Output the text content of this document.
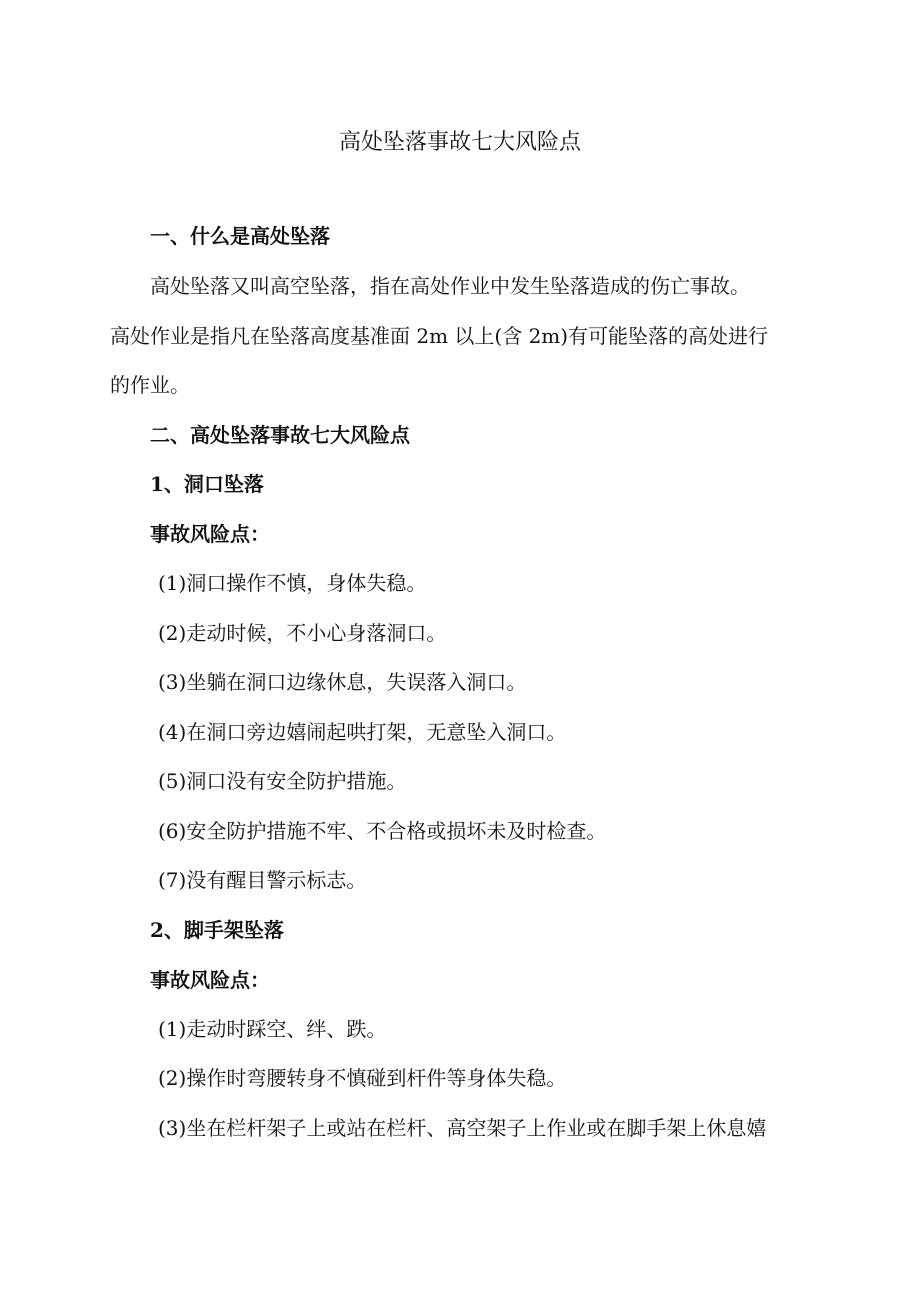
高处坠落事故七大风险点
一、什么是高处坠落
高处坠落又叫高空坠落，指在高处作业中发生坠落造成的伤亡事故。
高处作业是指凡在坠落高度基准面 2m 以上(含 2m)有可能坠落的高处进行
的作业。
二、高处坠落事故七大风险点
1、洞口坠落
事故风险点：
(1)洞口操作不慎，身体失稳。
(2)走动时候，不小心身落洞口。
(3)坐躺在洞口边缘休息，失误落入洞口。
(4)在洞口旁边嬉闹起哄打架，无意坠入洞口。
(5)洞口没有安全防护措施。
(6)安全防护措施不牢、不合格或损坏未及时检查。
(7)没有醒目警示标志。
2、脚手架坠落
事故风险点：
(1)走动时踩空、绊、跌。
(2)操作时弯腰转身不慎碰到杆件等身体失稳。
(3)坐在栏杆架子上或站在栏杆、高空架子上作业或在脚手架上休息嬉
